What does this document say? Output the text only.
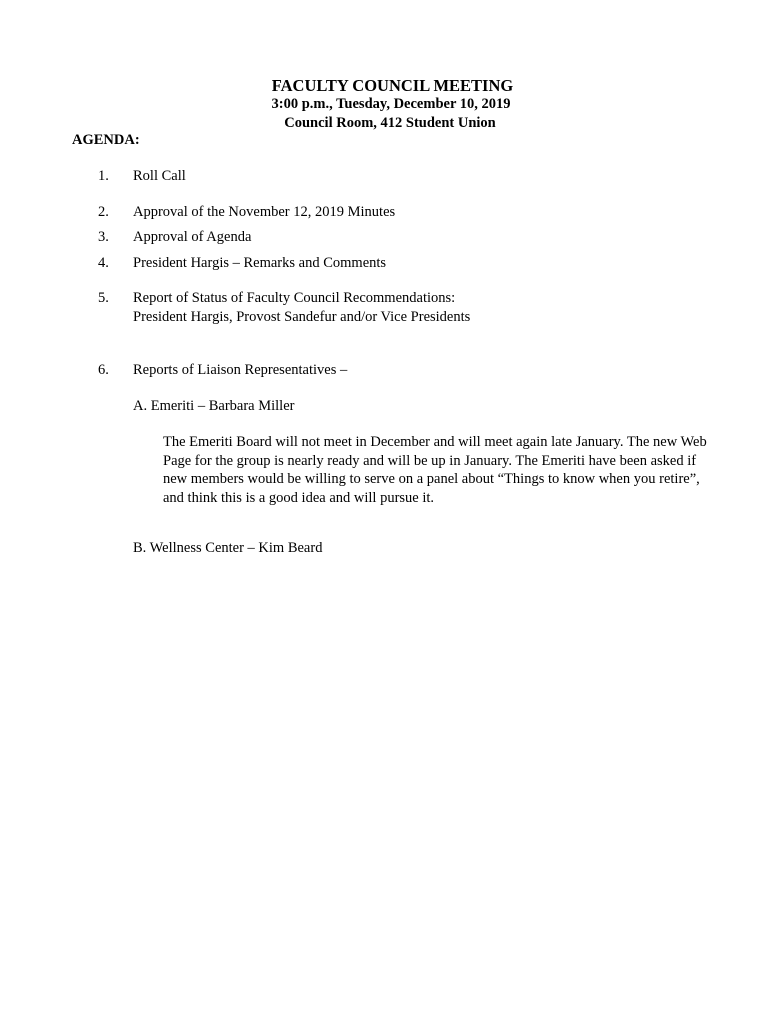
FACULTY COUNCIL MEETING
3:00 p.m., Tuesday, December 10, 2019
Council Room, 412 Student Union
AGENDA:
1. Roll Call
2. Approval of the November 12, 2019 Minutes
3. Approval of Agenda
4. President Hargis – Remarks and Comments
5. Report of Status of Faculty Council Recommendations:
President Hargis, Provost Sandefur and/or Vice Presidents
6. Reports of Liaison Representatives –
A. Emeriti – Barbara Miller
The Emeriti Board will not meet in December and will meet again late January. The new Web Page for the group is nearly ready and will be up in January. The Emeriti have been asked if new members would be willing to serve on a panel about “Things to know when you retire”, and think this is a good idea and will pursue it.
B. Wellness Center – Kim Beard
